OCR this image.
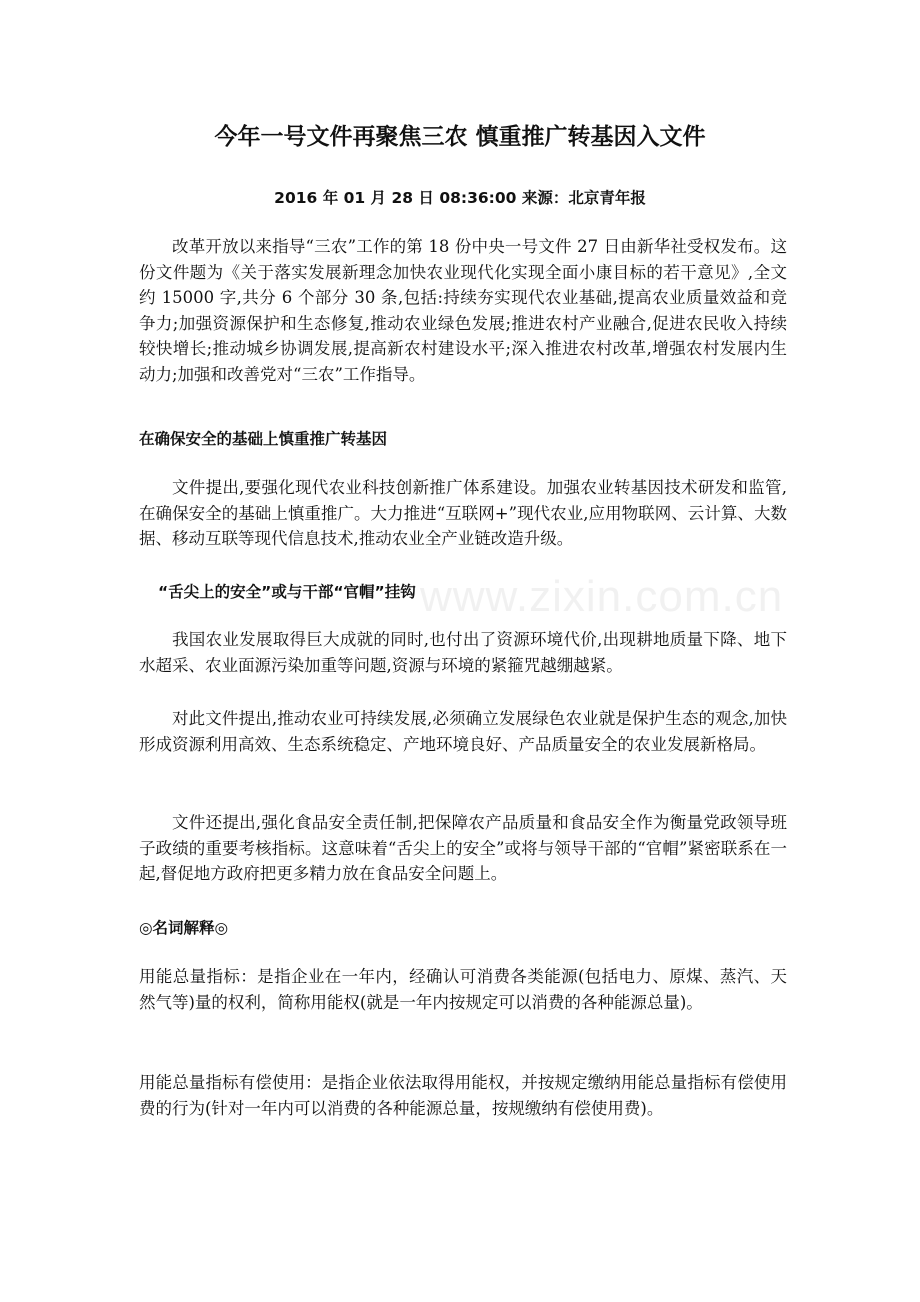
www.zixin.com.cn
今年一号文件再聚焦三农 慎重推广转基因入文件
2016 年 01 月 28 日 08:36:00 来源：北京青年报
改革开放以来指导“三农”工作的第 18 份中央一号文件 27 日由新华社受权发布。这份文件题为《关于落实发展新理念加快农业现代化实现全面小康目标的若干意见》,全文约 15000 字,共分 6 个部分 30 条,包括:持续夯实现代农业基础,提高农业质量效益和竞争力;加强资源保护和生态修复,推动农业绿色发展;推进农村产业融合,促进农民收入持续较快增长;推动城乡协调发展,提高新农村建设水平;深入推进农村改革,增强农村发展内生动力;加强和改善党对“三农”工作指导。
在确保安全的基础上慎重推广转基因
文件提出,要强化现代农业科技创新推广体系建设。加强农业转基因技术研发和监管,在确保安全的基础上慎重推广。大力推进“互联网+”现代农业,应用物联网、云计算、大数据、移动互联等现代信息技术,推动农业全产业链改造升级。
“舌尖上的安全”或与干部“官帽”挂钩
我国农业发展取得巨大成就的同时,也付出了资源环境代价,出现耕地质量下降、地下水超采、农业面源污染加重等问题,资源与环境的紧箍咒越绷越紧。
对此文件提出,推动农业可持续发展,必须确立发展绿色农业就是保护生态的观念,加快形成资源利用高效、生态系统稳定、产地环境良好、产品质量安全的农业发展新格局。
文件还提出,强化食品安全责任制,把保障农产品质量和食品安全作为衡量党政领导班子政绩的重要考核指标。这意味着“舌尖上的安全”或将与领导干部的“官帽”紧密联系在一起,督促地方政府把更多精力放在食品安全问题上。
◎名词解释◎
用能总量指标：是指企业在一年内，经确认可消费各类能源(包括电力、原煤、蒸汽、天然气等)量的权利，简称用能权(就是一年内按规定可以消费的各种能源总量)。
用能总量指标有偿使用：是指企业依法取得用能权，并按规定缴纳用能总量指标有偿使用费的行为(针对一年内可以消费的各种能源总量，按规缴纳有偿使用费)。
